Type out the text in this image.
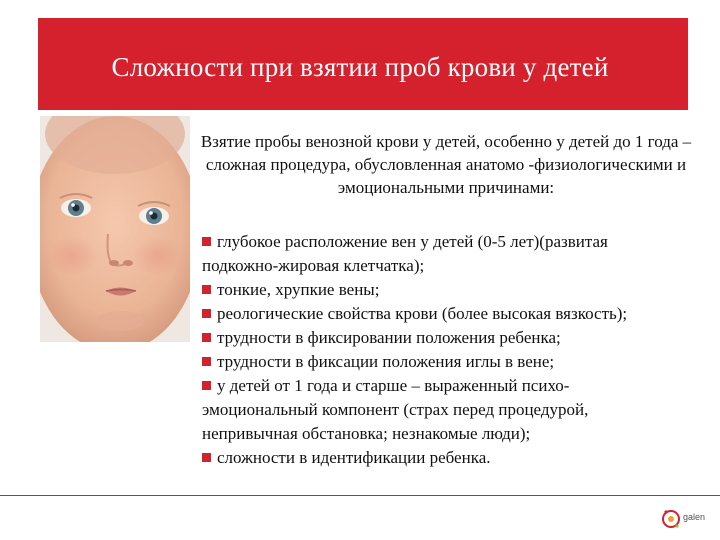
Сложности при взятии проб крови у детей
Взятие пробы венозной крови у детей, особенно у детей до 1 года – сложная процедура, обусловленная анатомо -физиологическими и эмоциональными причинами:
глубокое расположение вен у детей (0-5 лет)(развитая подкожно-жировая клетчатка);
тонкие, хрупкие вены;
реологические свойства крови (более высокая вязкость);
трудности в фиксировании положения ребенка;
трудности в фиксации положения иглы в вене;
у детей от 1 года и старше – выраженный психо-эмоциональный компонент (страх перед процедурой, непривычная обстановка; незнакомые люди);
сложности в идентификации ребенка.
galen
